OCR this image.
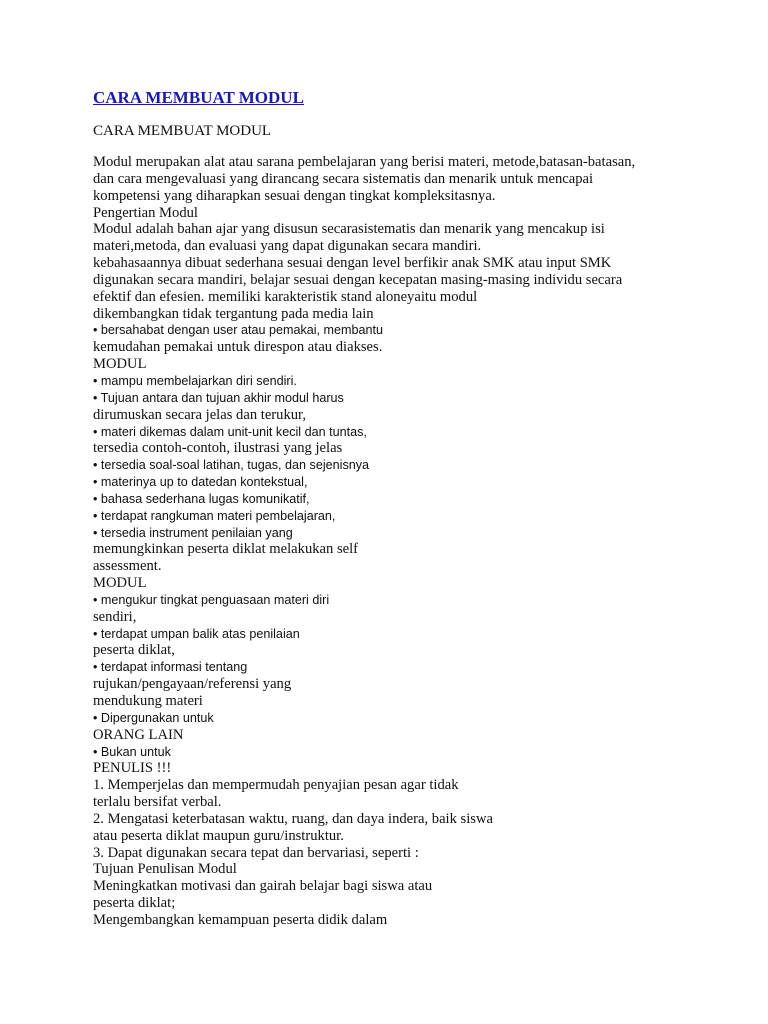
CARA MEMBUAT MODUL
CARA MEMBUAT MODUL
Modul merupakan alat atau sarana pembelajaran yang berisi materi, metode,batasan-batasan,
dan cara mengevaluasi yang dirancang secara sistematis dan menarik untuk mencapai
kompetensi yang diharapkan sesuai dengan tingkat kompleksitasnya.
Pengertian Modul
Modul adalah bahan ajar yang disusun secarasistematis dan menarik yang mencakup isi
materi,metoda, dan evaluasi yang dapat digunakan secara mandiri.
kebahasaannya dibuat sederhana sesuai dengan level berfikir anak SMK atau input SMK
digunakan secara mandiri, belajar sesuai dengan kecepatan masing-masing individu secara
efektif dan efesien. memiliki karakteristik stand aloneyaitu modul
dikembangkan tidak tergantung pada media lain
• bersahabat dengan user atau pemakai, membantu
kemudahan pemakai untuk direspon atau diakses.
MODUL
• mampu membelajarkan diri sendiri.
• Tujuan antara dan tujuan akhir modul harus
dirumuskan secara jelas dan terukur,
• materi dikemas dalam unit-unit kecil dan tuntas,
tersedia contoh-contoh, ilustrasi yang jelas
• tersedia soal-soal latihan, tugas, dan sejenisnya
• materinya up to datedan kontekstual,
• bahasa sederhana lugas komunikatif,
• terdapat rangkuman materi pembelajaran,
• tersedia instrument penilaian yang
memungkinkan peserta diklat melakukan self
assessment.
MODUL
• mengukur tingkat penguasaan materi diri
sendiri,
• terdapat umpan balik atas penilaian
peserta diklat,
• terdapat informasi tentang
rujukan/pengayaan/referensi yang
mendukung materi
• Dipergunakan untuk
ORANG LAIN
• Bukan untuk
PENULIS !!!
1. Memperjelas dan mempermudah penyajian pesan agar tidak
terlalu bersifat verbal.
2. Mengatasi keterbatasan waktu, ruang, dan daya indera, baik siswa
atau peserta diklat maupun guru/instruktur.
3. Dapat digunakan secara tepat dan bervariasi, seperti :
Tujuan Penulisan Modul
Meningkatkan motivasi dan gairah belajar bagi siswa atau
peserta diklat;
Mengembangkan kemampuan peserta didik dalam
